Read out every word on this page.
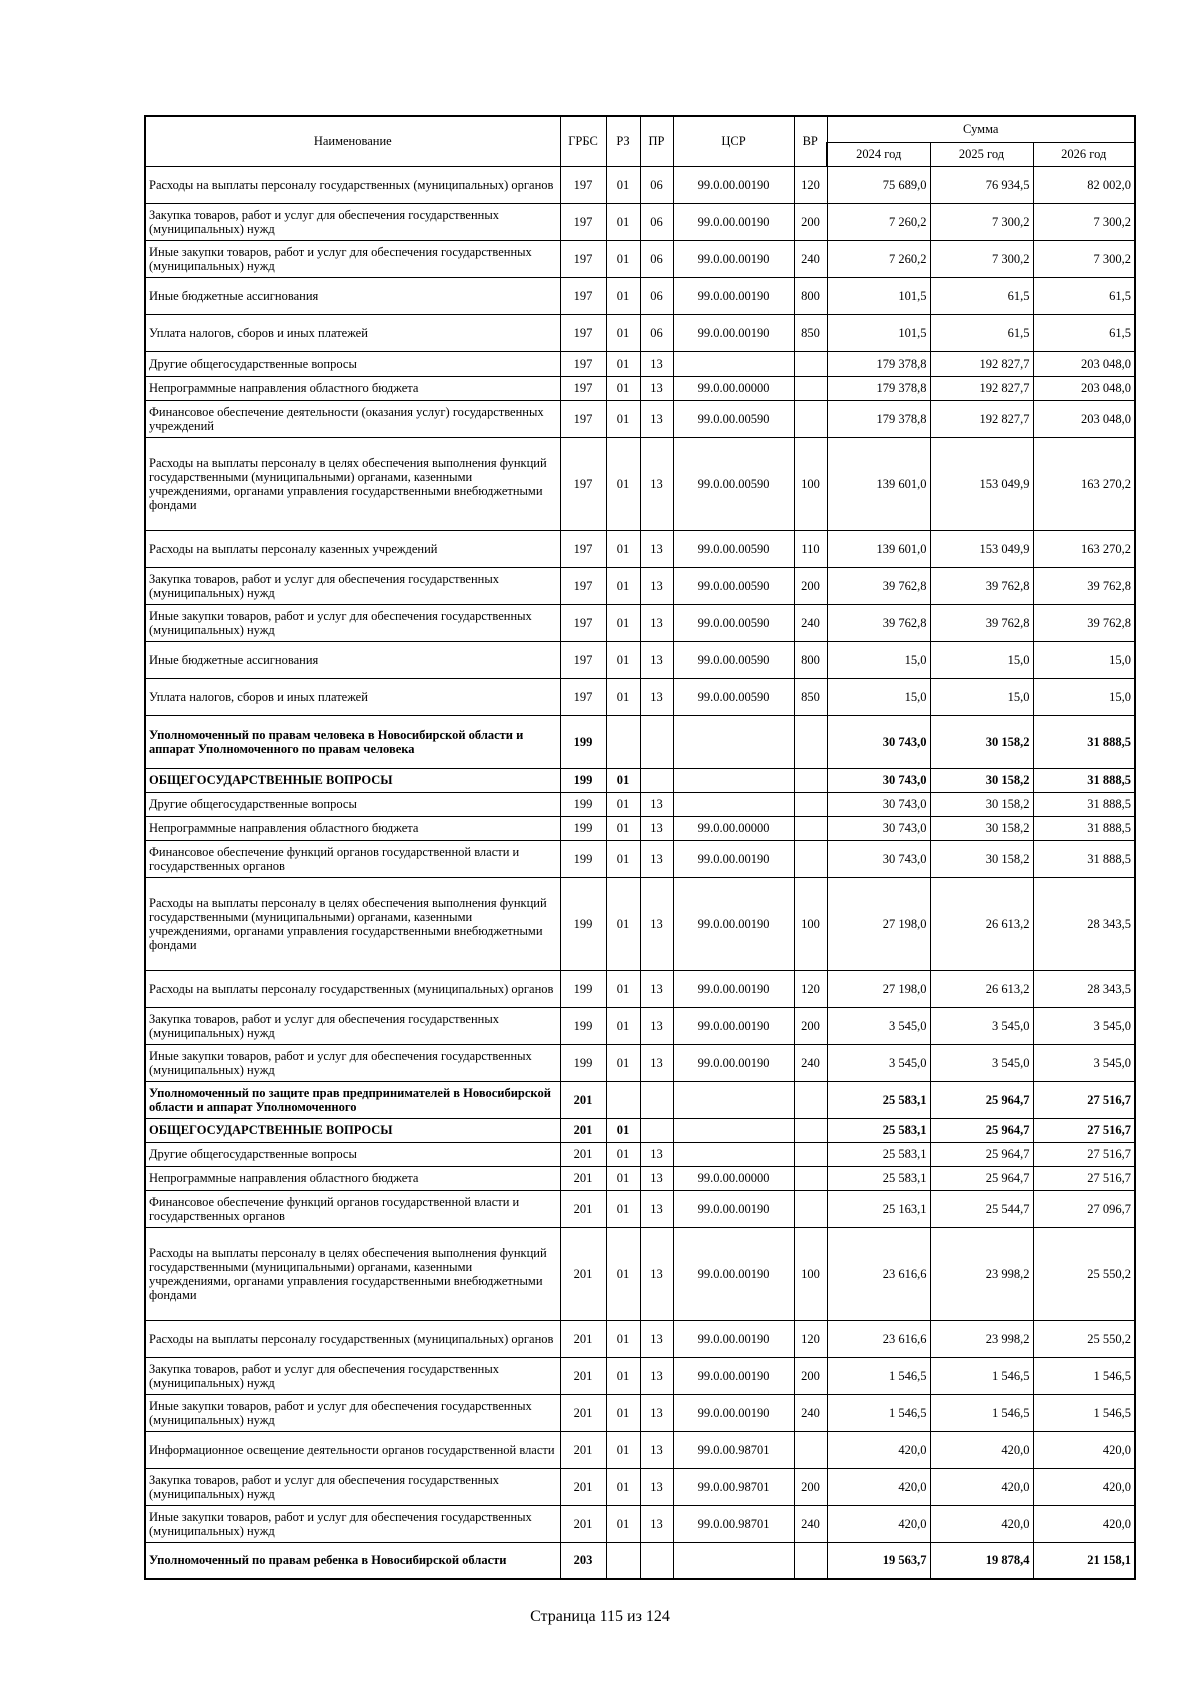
Наименование	ГРБС	РЗ	ПР	ЦСР	ВР	Сумма		
						2024 год	2025 год	2026 год
Расходы на выплаты персоналу государственных (муниципальных) органов	197	01	06	99.0.00.00190	120	75 689,0	76 934,5	82 002,0
Закупка товаров, работ и услуг для обеспечения государственных (муниципальных) нужд	197	01	06	99.0.00.00190	200	7 260,2	7 300,2	7 300,2
Иные закупки товаров, работ и услуг для обеспечения государственных (муниципальных) нужд	197	01	06	99.0.00.00190	240	7 260,2	7 300,2	7 300,2
Иные бюджетные ассигнования	197	01	06	99.0.00.00190	800	101,5	61,5	61,5
Уплата налогов, сборов и иных платежей	197	01	06	99.0.00.00190	850	101,5	61,5	61,5
Другие общегосударственные вопросы	197	01	13			179 378,8	192 827,7	203 048,0
Непрограммные направления областного бюджета	197	01	13	99.0.00.00000		179 378,8	192 827,7	203 048,0
Финансовое обеспечение деятельности (оказания услуг) государственных учреждений	197	01	13	99.0.00.00590		179 378,8	192 827,7	203 048,0
Расходы на выплаты персоналу в целях обеспечения выполнения функций государственными (муниципальными) органами, казенными учреждениями, органами управления государственными внебюджетными фондами	197	01	13	99.0.00.00590	100	139 601,0	153 049,9	163 270,2
Расходы на выплаты персоналу казенных учреждений	197	01	13	99.0.00.00590	110	139 601,0	153 049,9	163 270,2
Закупка товаров, работ и услуг для обеспечения государственных (муниципальных) нужд	197	01	13	99.0.00.00590	200	39 762,8	39 762,8	39 762,8
Иные закупки товаров, работ и услуг для обеспечения государственных (муниципальных) нужд	197	01	13	99.0.00.00590	240	39 762,8	39 762,8	39 762,8
Иные бюджетные ассигнования	197	01	13	99.0.00.00590	800	15,0	15,0	15,0
Уплата налогов, сборов и иных платежей	197	01	13	99.0.00.00590	850	15,0	15,0	15,0
Уполномоченный по правам человека в Новосибирской области и аппарат Уполномоченного по правам человека	199					30 743,0	30 158,2	31 888,5
ОБЩЕГОСУДАРСТВЕННЫЕ ВОПРОСЫ	199	01				30 743,0	30 158,2	31 888,5
Другие общегосударственные вопросы	199	01	13			30 743,0	30 158,2	31 888,5
Непрограммные направления областного бюджета	199	01	13	99.0.00.00000		30 743,0	30 158,2	31 888,5
Финансовое обеспечение функций органов государственной власти и государственных органов	199	01	13	99.0.00.00190		30 743,0	30 158,2	31 888,5
Расходы на выплаты персоналу в целях обеспечения выполнения функций государственными (муниципальными) органами, казенными учреждениями, органами управления государственными внебюджетными фондами	199	01	13	99.0.00.00190	100	27 198,0	26 613,2	28 343,5
Расходы на выплаты персоналу государственных (муниципальных) органов	199	01	13	99.0.00.00190	120	27 198,0	26 613,2	28 343,5
Закупка товаров, работ и услуг для обеспечения государственных (муниципальных) нужд	199	01	13	99.0.00.00190	200	3 545,0	3 545,0	3 545,0
Иные закупки товаров, работ и услуг для обеспечения государственных (муниципальных) нужд	199	01	13	99.0.00.00190	240	3 545,0	3 545,0	3 545,0
Уполномоченный по защите прав предпринимателей в Новосибирской области и аппарат Уполномоченного	201					25 583,1	25 964,7	27 516,7
ОБЩЕГОСУДАРСТВЕННЫЕ ВОПРОСЫ	201	01				25 583,1	25 964,7	27 516,7
Другие общегосударственные вопросы	201	01	13			25 583,1	25 964,7	27 516,7
Непрограммные направления областного бюджета	201	01	13	99.0.00.00000		25 583,1	25 964,7	27 516,7
Финансовое обеспечение функций органов государственной власти и государственных органов	201	01	13	99.0.00.00190		25 163,1	25 544,7	27 096,7
Расходы на выплаты персоналу в целях обеспечения выполнения функций государственными (муниципальными) органами, казенными учреждениями, органами управления государственными внебюджетными фондами	201	01	13	99.0.00.00190	100	23 616,6	23 998,2	25 550,2
Расходы на выплаты персоналу государственных (муниципальных) органов	201	01	13	99.0.00.00190	120	23 616,6	23 998,2	25 550,2
Закупка товаров, работ и услуг для обеспечения государственных (муниципальных) нужд	201	01	13	99.0.00.00190	200	1 546,5	1 546,5	1 546,5
Иные закупки товаров, работ и услуг для обеспечения государственных (муниципальных) нужд	201	01	13	99.0.00.00190	240	1 546,5	1 546,5	1 546,5
Информационное освещение деятельности органов государственной власти	201	01	13	99.0.00.98701		420,0	420,0	420,0
Закупка товаров, работ и услуг для обеспечения государственных (муниципальных) нужд	201	01	13	99.0.00.98701	200	420,0	420,0	420,0
Иные закупки товаров, работ и услуг для обеспечения государственных (муниципальных) нужд	201	01	13	99.0.00.98701	240	420,0	420,0	420,0
Уполномоченный по правам ребенка в Новосибирской области	203					19 563,7	19 878,4	21 158,1
Страница 115 из 124
